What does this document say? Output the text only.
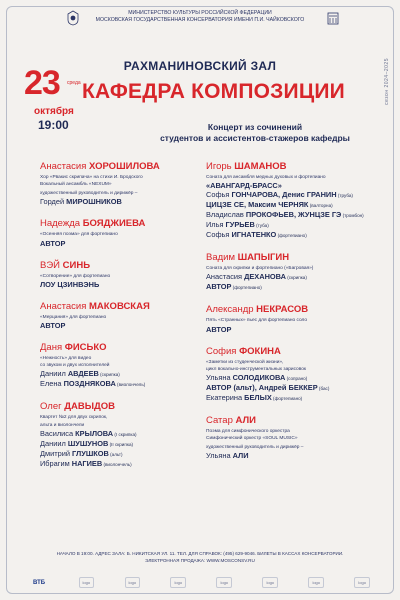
МИНИСТЕРСТВО КУЛЬТУРЫ РОССИЙСКОЙ ФЕДЕРАЦИИ
МОСКОВСКАЯ ГОСУДАРСТВЕННАЯ КОНСЕРВАТОРИЯ ИМЕНИ П.И. ЧАЙКОВСКОГО
сезон 2024–2025
РАХМАНИНОВСКИЙ ЗАЛ
23 среда
октября
19:00
КАФЕДРА КОМПОЗИЦИИ
Концерт из сочинений
студентов и ассистентов-стажеров кафедры
Анастасия ХОРОШИЛОВА
Хор «Рвакис скрипача» на стихи И. Бродского
Вокальный ансамбль «NEXUM»
художественный руководитель и дирижёр –
Гордей МИРОШНИКОВ
Надежда БОЯДЖИЕВА
«Осенняя поэма» для фортепиано
АВТОР
ВЭЙ СИНЬ
«Сотворение» для фортепиано
ЛОУ ЦЗИНВЭНЬ
Анастасия МАКОВСКАЯ
«Мерцания» для фортепиано
АВТОР
Даня ФИСЬКО
«Нежность» для видео
со звуком и двух исполнителей
Даниил АВДЕЕВ (скрипка)
Елена ПОЗДНЯКОВА (виолончель)
Олег ДАВЫДОВ
Квартет №2 для двух скрипок,
альта и виолончели
Василиса КРЫЛОВА (I скрипка)
Даниил ШУШУНОВ (II скрипка)
Дмитрий ГЛУШКОВ (альт)
Ибрагим НАГИЕВ (виолончель)
Игорь ШАМАНОВ
Соната для ансамбля медных духовых и фортепиано
«АВАНГАРД-БРАСС»
Софья ГОНЧАРОВА, Денис ГРАНИН (труба)
ЦИЦЗЕ СЕ, Максим ЧЕРНЯК (валторна)
Владислав ПРОКОФЬЕВ, ЖУНЦЗЕ ГЭ (тромбон)
Илья ГУРЬЕВ (туба)
Софья ИГНАТЕНКО (фортепиано)
Вадим ШАПЫГИН
Соната для скрипки и фортепиано («Багровая»)
Анастасия ДЕХАНОВА (скрипка)
АВТОР (фортепиано)
Александр НЕКРАСОВ
Пять «Странных» пьес для фортепиано соло
АВТОР
София ФОКИНА
«Заметки из студенческой жизни»,
цикл вокально-инструментальных зарисовок
Ульяна СОЛОДИКОВА (сопрано)
АВТОР (альт), Андрей БЕККЕР (бас)
Екатерина БЕЛЫХ (фортепиано)
Сатар АЛИ
Поэма для симфонического оркестра
Симфонический оркестр «SOUL MUSIC»
художественный руководитель и дирижёр –
Ульяна АЛИ
НАЧАЛО В 19:00. АДРЕС ЗАЛА: Б. НИКИТСКАЯ УЛ. 11. ТЕЛ. ДЛЯ СПРАВОК: (495) 629-9046. БИЛЕТЫ В КАССАХ КОНСЕРВАТОРИИ.
ЭЛЕКТРОННАЯ ПРОДАЖА: WWW.MOSCONSV.RU
ВТБ	logo	logo	logo	logo	logo	logo	logo
